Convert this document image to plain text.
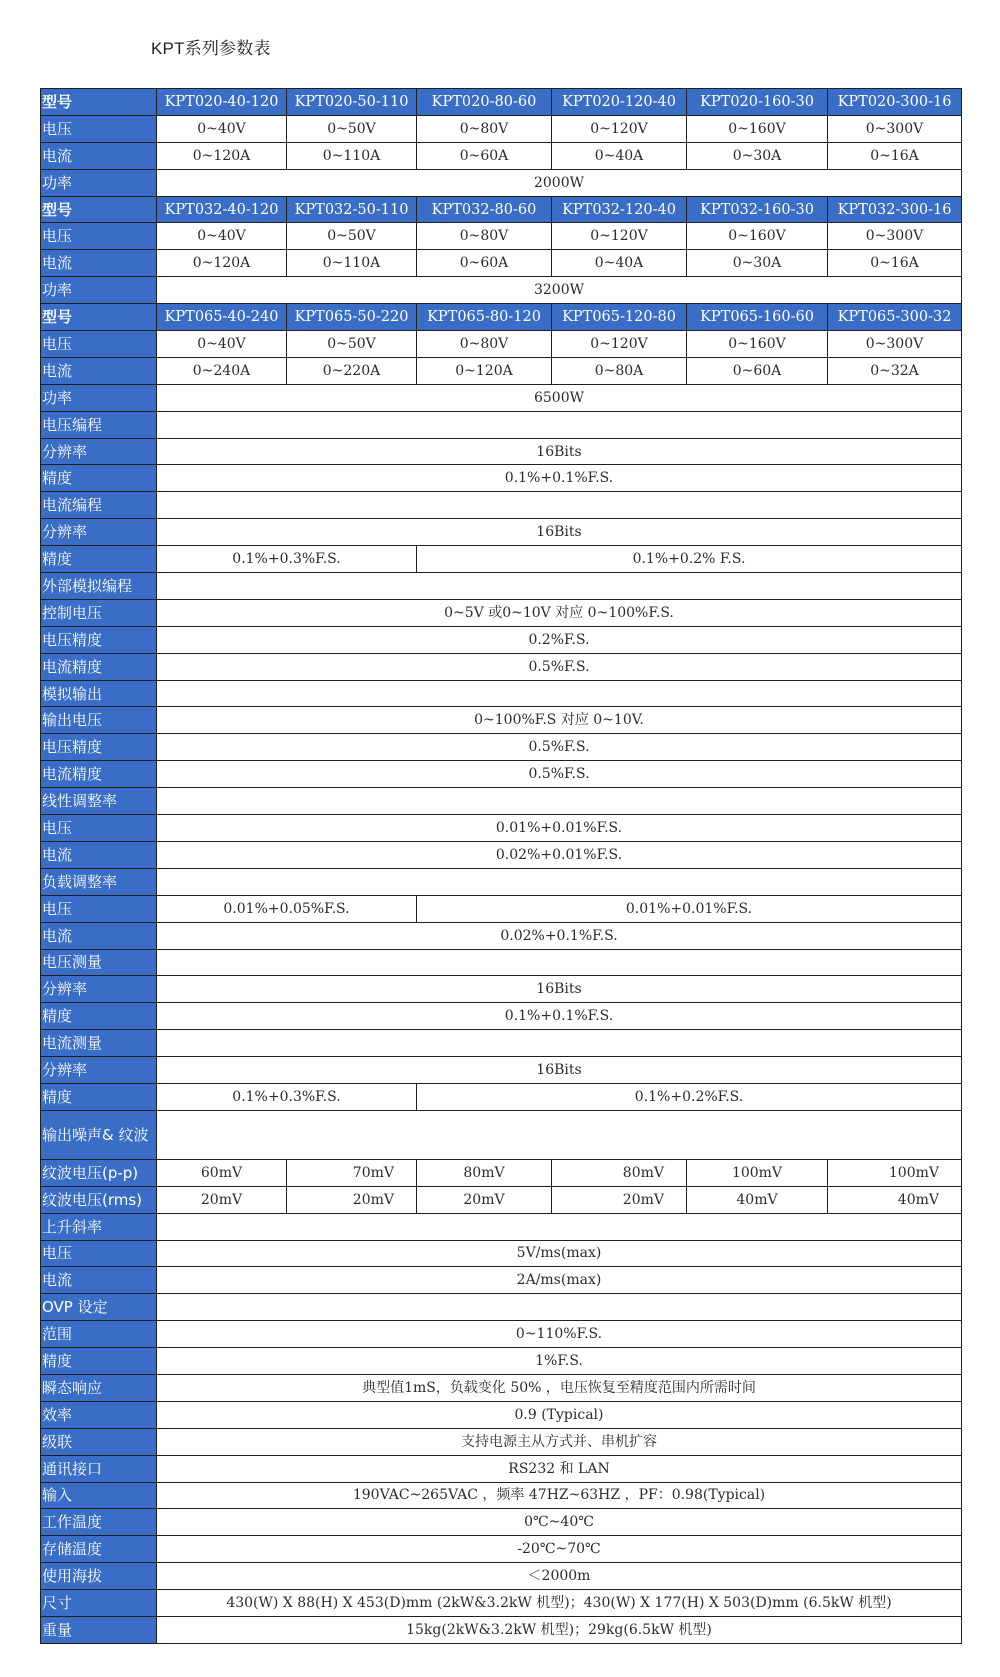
KPT系列参数表
型号	KPT020-40-120	KPT020-50-110	KPT020-80-60	KPT020-120-40	KPT020-160-30	KPT020-300-16
电压	0~40V	0~50V	0~80V	0~120V	0~160V	0~300V
电流	0~120A	0~110A	0~60A	0~40A	0~30A	0~16A
功率	2000W					
型号	KPT032-40-120	KPT032-50-110	KPT032-80-60	KPT032-120-40	KPT032-160-30	KPT032-300-16
电压	0~40V	0~50V	0~80V	0~120V	0~160V	0~300V
电流	0~120A	0~110A	0~60A	0~40A	0~30A	0~16A
功率	3200W					
型号	KPT065-40-240	KPT065-50-220	KPT065-80-120	KPT065-120-80	KPT065-160-60	KPT065-300-32
电压	0~40V	0~50V	0~80V	0~120V	0~160V	0~300V
电流	0~240A	0~220A	0~120A	0~80A	0~60A	0~32A
功率	6500W					
电压编程						
分辨率	16Bits					
精度	0.1%+0.1%F.S.					
电流编程						
分辨率	16Bits					
精度	0.1%+0.3%F.S.		0.1%+0.2% F.S.			
外部模拟编程						
控制电压	0~5V 或0~10V 对应 0~100%F.S.					
电压精度	0.2%F.S.					
电流精度	0.5%F.S.					
模拟输出						
输出电压	0~100%F.S 对应 0~10V.					
电压精度	0.5%F.S.					
电流精度	0.5%F.S.					
线性调整率						
电压	0.01%+0.01%F.S.					
电流	0.02%+0.01%F.S.					
负载调整率						
电压	0.01%+0.05%F.S.		0.01%+0.01%F.S.			
电流	0.02%+0.1%F.S.					
电压测量						
分辨率	16Bits					
精度	0.1%+0.1%F.S.					
电流测量						
分辨率	16Bits					
精度	0.1%+0.3%F.S.		0.1%+0.2%F.S.			
输出噪声& 纹波						
纹波电压(p-p)	60mV	70mV	80mV	80mV	100mV	100mV
纹波电压(rms)	20mV	20mV	20mV	20mV	40mV	40mV
上升斜率						
电压	5V/ms(max)					
电流	2A/ms(max)					
OVP 设定						
范围	0~110%F.S.					
精度	1%F.S.					
瞬态响应	典型值1mS，负载变化 50% ，电压恢复至精度范围内所需时间					
效率	0.9 (Typical)					
级联	支持电源主从方式并、串机扩容					
通讯接口	RS232 和 LAN					
输入	190VAC~265VAC ，频率 47HZ~63HZ ，PF：0.98(Typical)					
工作温度	0℃~40℃					
存储温度	-20℃~70℃					
使用海拔	＜2000m					
尺寸	430(W) X 88(H) X 453(D)mm (2kW&3.2kW 机型)；430(W) X 177(H) X 503(D)mm (6.5kW 机型)					
重量	15kg(2kW&3.2kW 机型)；29kg(6.5kW 机型)					
